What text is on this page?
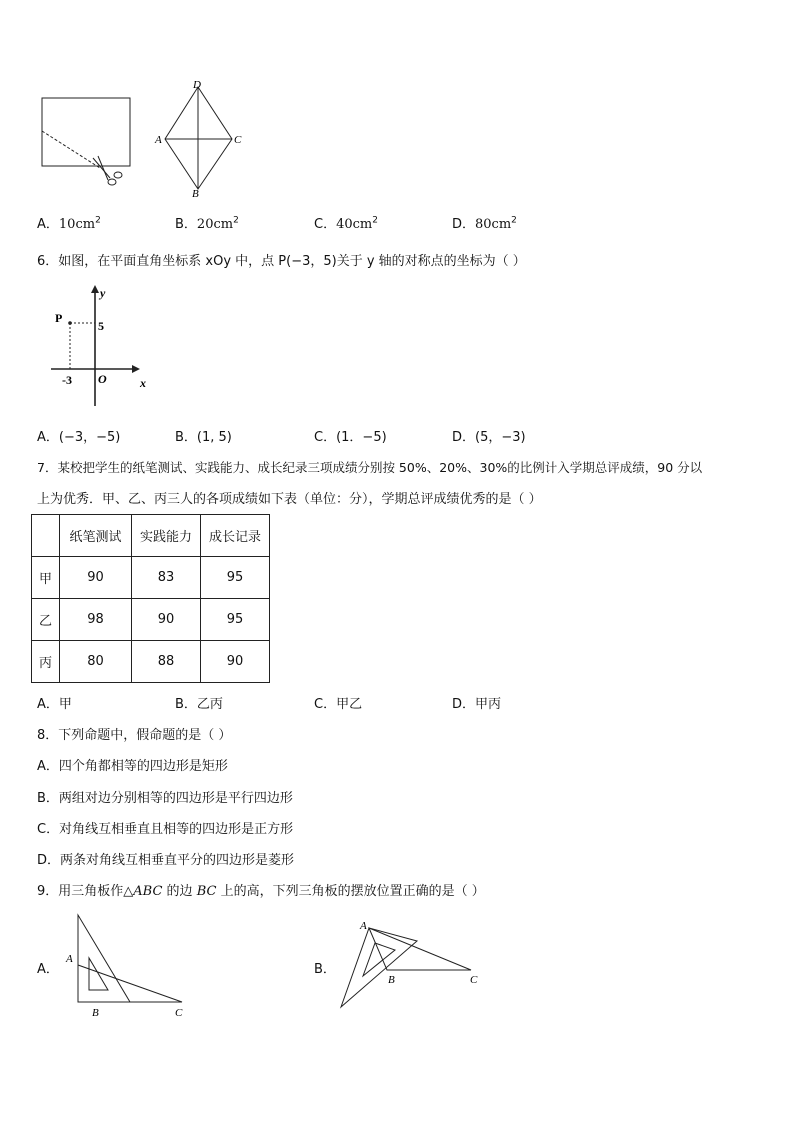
D
A	C
B
A．$10cm^2$	B．$20cm^2$	C．$40cm^2$	D．$80cm^2$
6．如图，在平面直角坐标系 xOy 中，点 P(−3，5)关于 y 轴的对称点的坐标为（ ）
y
P
5
-3 O	x
A．(−3，−5)	B．(1, 5)	C．(1．−5)	D．(5，−3)
7．某校把学生的纸笔测试、实践能力、成长纪录三项成绩分别按 50%、20%、30%的比例计入学期总评成绩，90 分以
上为优秀．甲、乙、丙三人的各项成绩如下表（单位：分），学期总评成绩优秀的是（ ）
	纸笔测试	实践能力	成长记录
甲	90	83	95
乙	98	90	95
丙	80	88	90
A．甲	B．乙丙	C．甲乙	D．甲丙
8．下列命题中，假命题的是（ ）
A．四个角都相等的四边形是矩形
B．两组对边分别相等的四边形是平行四边形
C．对角线互相垂直且相等的四边形是正方形
D．两条对角线互相垂直平分的四边形是菱形
9．用三角板作△ABC 的边 BC 上的高，下列三角板的摆放位置正确的是（ ）
A．
A
B	C
B．
A
B	C
